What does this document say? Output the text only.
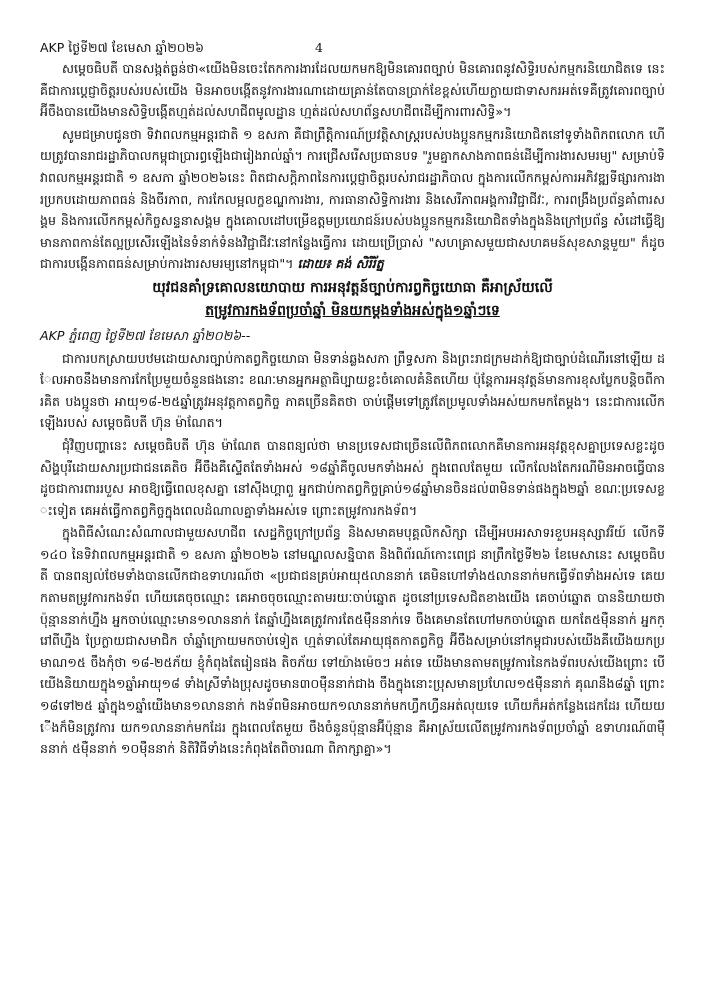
AKP ថ្ងៃទី២៧ ខែមេសា ឆ្នាំ២០២៦	4

សម្តេចធិបតី បានសង្កត់ធ្ងន់ថា«យើងមិនចេះតែកការងារដែលយកមកឱ្យមិនគោរពច្បាប់ មិនគោរពនូវសិទ្ធិរបស់កម្មករនិយោជិតទេ នេះគឺជាការប្តេជ្ញាចិត្តរបស់របស់យើង មិនអាចបង្កើតនូវការងារណាដោយគ្រាន់តែបានប្រាក់ខែខ្ពស់ហើយក្លាយជាទាសករអត់ទេគឺត្រូវគោរពច្បាប់ អ៊ីចឹងបានយើងមានសិទ្ធិបង្កើតហ្មត់ដល់សហជីពមូលដ្ឋាន ហ្មត់ដល់សហព័ន្ធសហជីពដើម្បីការពារសិទ្ធិ»។

សូមជម្រាបជូនថា ទិវាពលកម្មអន្តរជាតិ ១ ឧសភា គឺជាព្រឹត្តិការណ៍ប្រវត្តិសាស្ត្ររបស់បងប្អូនកម្មករនិយោជិតនៅទូទាំងពិភពលោក ហើយត្រូវបានរាជរដ្ឋាភិបាលកម្ពុជាប្រារព្ធឡើងជារៀងរាល់ឆ្នាំ។ ការជ្រើសរើសប្រធានបទ "រួមគ្នាកសាងភាពធន់ដើម្បីការងារសមរម្យ" សម្រាប់ទិវាពលកម្មអន្តរជាតិ ១ ឧសភា ឆ្នាំ២០២៦នេះ ពិតជាសក្តិភាពនៃការប្តេជ្ញាចិត្តរបស់រាជរដ្ឋាភិបាល ក្នុងការលើកកម្ពស់ការអភិវឌ្ឍទីផ្សារការងារប្រកបដោយភាពធន់ និងចីរភាព, ការកែលម្អលក្ខខណ្ឌការងារ, ការធានាសិទ្ធិការងារ និងសេរីភាពអង្គការវិជ្ជាជីវៈ, ការពង្រឹងប្រព័ន្ធគាំពារសង្គម និងការលើកកម្ពស់កិច្ចសន្ទនាសង្គម ក្នុងគោលដៅបម្រើឧត្តមប្រយោជន៍របស់បងប្អូនកម្មករនិយោជិតទាំងក្នុងនិងក្រៅប្រព័ន្ធ សំដៅធ្វើឱ្យមានភាពកាន់តែល្អប្រសើរឡើងនៃទំនាក់ទំនងវិជ្ជាជីវៈនៅកន្លែងធ្វើការ ដោយប្រើប្រាស់ "សហគ្រាសមួយជាសហគមន៍សុខសាន្តមួយ" ក៏ដូចជាការបង្កើនភាពធន់សម្រាប់ការងារសមរម្យនៅកម្ពុជា"។ ដោយ៖ គង់ សិរីរ័ត្ន

យុវជនគាំទ្រគោលនយោបាយ ការអនុវត្តន៍ច្បាប់ការព្វកិច្ចយោធា គឺអាស្រ័យលើ
តម្រូវការកងទ័ពប្រចាំឆ្នាំ មិនយកម្តងទាំងអស់ក្នុង១ឆ្នាំៗទេ

AKP ភ្នំពេញ ថ្ងៃទី២៧ ខែមេសា ឆ្នាំ២០២៦--

ជាការបកស្រាយបឋមដោយសារច្បាប់កាតព្វកិច្ចយោធា មិនទាន់ឆ្លងសភា ព្រឹទ្ធសភា និងព្រះរាជក្រមដាក់ឱ្យជាច្បាប់ដំណើរនៅឡើយ ដែលអាចនឹងមានការកែប្រែមួយចំនួនផងនោះ ខណៈមានអ្នកអត្ថាធិប្បាយខ្លះចំគោលគំនិតហើយ ប៉ុន្តែការអនុវត្តន៍មានការខុសប្លែកបន្តិចពីការគិត បងប្អូនថា អាយុ១៨-២៥ឆ្នាំត្រូវអនុវត្តកាតព្វកិច្ច ភាគច្រើនគិតថា ចាប់ផ្តើមទៅត្រូវតែប្រមូលទាំងអស់យកមកតែម្តង។ នេះជាការលើកឡើងរបស់ សម្តេចធិបតី ហ៊ុន ម៉ាណែត។

ជុំវិញបញ្ហានេះ សម្តេចធិបតី ហ៊ុន ម៉ាណែត បានពន្យល់ថា មានប្រទេសជាច្រើនលើពិភពលោកគឺមានការអនុវត្តខុសគ្នាប្រទេសខ្លះដូចសិង្ហបុរីដោយសារប្រជាជនគេតិច អ៊ីចឹងគឺស្ទើតតែទាំងអស់ ១៨ឆ្នាំគឺចូលមកទាំងអស់ ក្នុងពេលតែមួយ លើកលែងតែករណីមិនអាចធ្វើបាន ដូចជាការពាររបួស អាចឱ្យធ្វើពេលខុសគ្នា នៅស៊ីងហ្គាពួ អ្នកជាប់កាតព្វកិច្ចគ្រាប់១៨ឆ្នាំមានចិនដល់៣មិនទាន់ផងក្នុង២ឆ្នាំ ខណៈប្រទេសខ្លះទៀត គេអត់ធ្វើកាតព្វកិច្ចក្នុងពេលដំណាលគ្នាទាំងអស់ទេ ព្រោះតម្រូវការកងទ័ព។

ក្នុងពិធីសំណេះសំណាលជាមួយសហជីព សេដ្ឋកិច្ចក្រៅប្រព័ន្ធ និងសមាគមបុគ្គលិកសិក្សា ដើម្បីអបអរសាទរខួបអនុស្សាវរីយ៍ លើកទី ១៤០ នៃទិវាពលកម្មអន្តរជាតិ ១ ឧសភា ឆ្នាំ២០២៦ នៅមណ្ឌលសន្និបាត និងពិព័រណ៍កោះពេជ្រ នាព្រឹកថ្ងៃទី២៦ ខែមេសានេះ សម្តេចធិបតី បានពន្យល់ថែមទាំងបានលើកជាឧទាហរណ៍ថា «ប្រជាជនគ្រប់អាយុ៥លាននាក់ គេមិនហៅទាំង៥លាននាក់មកធ្វើទ័ពទាំងអស់ទេ គេយកតាមតម្រូវការកងទ័ព ហើយគេចុចឈ្មោះ គេអាចចុចឈ្មោះតាមរយៈចាប់ឆ្នោត ដូចនៅប្រទេសជិតខាងយើង គេចាប់ឆ្នោត បាននិយាយថា ប៉ុន្មាននាក់ហ្នឹង អ្នកចាប់ឈ្មោះមាន១លាននាក់ តែឆ្នាំហ្នឹងគេត្រូវការតែ៥ម៉ឺននាក់ទេ ចឹងគេមានតែហៅមកចាប់ឆ្នោត យកតែ៥ម៉ឺននាក់ អ្នកក្រៅពីហ្នឹង ប្រែក្លាយជាសមាជិក ចាំឆ្នាំក្រោយមកចាប់ទៀត ហ្មត់ទាល់តែអាយុផុតកាតព្វកិច្ច អ៊ីចឹងសម្រាប់នៅកម្ពុជារបស់យើងគឺយើងយកប្រមាណ១៥ ចឹងកុំថា ១៨-២៥ភ័យ ខ្ញុំកំពុងតែរៀនផង តិចភ័យ ទៅយ៉ាងម៉េចៗ អត់ទេ យើងមានតាមតម្រូវការនៃកងទ័ពរបស់យើងព្រោះ បើយើងនិយាយក្នុង១ឆ្នាំអាយុ១៨ ទាំងស្រីទាំងប្រុសដូចមាន៣០ម៉ឺននាក់ជាង ចឹងក្នុងនោះប្រុសមានប្រហែល១៥ម៉ឺននាក់ គុណនឹង៨ឆ្នាំ ព្រោះ ១៨ទៅ២៥ ឆ្នាំក្នុង១ឆ្នាំយើងមាន១លាននាក់ កងទ័ពមិនអាចយក១លាននាក់មកហ្វឹកហ្វឺនអត់លុយទេ ហើយក៏អត់កន្លែងដេកដែរ ហើយយើងក៏មិនត្រូវការ យក១លាននាក់មកដែរ ក្នុងពេលតែមួយ ចឹងចំនួនប៉ុន្មានអ៊ីប៉ុន្មាន គឺអាស្រ័យលើតម្រូវការកងទ័ពប្រចាំឆ្នាំ ឧទាហរណ៍៣ម៉ឺននាក់ ៥ម៉ឺននាក់ ១០ម៉ឺននាក់ និតិវិធីទាំងនេះកំពុងតែពិចារណា ពិភាក្សាគ្នា»។
